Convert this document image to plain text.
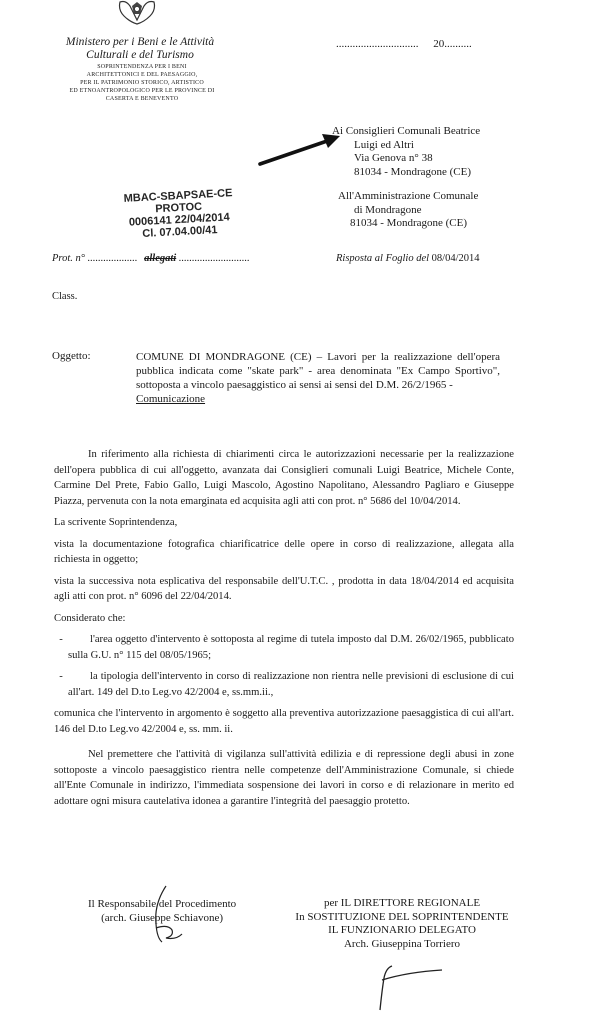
Ministero per i Beni e le Attività
Culturali e del Turismo
SOPRINTENDENZA PER I BENI
ARCHITETTONICI E DEL PAESAGGIO,
PER IL PATRIMONIO STORICO, ARTISTICO
ED ETNOANTROPOLOGICO PER LE PROVINCE DI
CASERTA E BENEVENTO
.............................. 20..........
Ai Consiglieri Comunali Beatrice
Luigi ed Altri
Via Genova n° 38
81034 - Mondragone (CE)
All'Amministrazione Comunale
di Mondragone
81034 - Mondragone (CE)
MBAC-SBAPSAE-CE
PROTOC
0006141 22/04/2014
Cl. 07.04.00/41
Prot. n° ................... allegati ...........................	Risposta al Foglio del 08/04/2014
Class.
Oggetto:	COMUNE DI MONDRAGONE (CE) – Lavori per la realizzazione dell'opera pubblica indicata come "skate park" - area denominata "Ex Campo Sportivo", sottoposta a vincolo paesaggistico ai sensi ai sensi del D.M. 26/2/1965 -
Comunicazione

In riferimento alla richiesta di chiarimenti circa le autorizzazioni necessarie per la realizzazione dell'opera pubblica di cui all'oggetto, avanzata dai Consiglieri comunali Luigi Beatrice, Michele Conte, Carmine Del Prete, Fabio Gallo, Luigi Mascolo, Agostino Napolitano, Alessandro Pagliaro e Giuseppe Piazza, pervenuta con la nota emarginata ed acquisita agli atti con prot. n° 5686 del 10/04/2014.

La scrivente Soprintendenza,

vista la documentazione fotografica chiarificatrice delle opere in corso di realizzazione, allegata alla richiesta in oggetto;

vista la successiva nota esplicativa del responsabile dell'U.T.C. , prodotta in data 18/04/2014 ed acquisita agli atti con prot. n° 6096 del 22/04/2014.

Considerato che:

-	l'area oggetto d'intervento è sottoposta al regime di tutela imposto dal D.M. 26/02/1965, pubblicato sulla G.U. n° 115 del 08/05/1965;
-	la tipologia dell'intervento in corso di realizzazione non rientra nelle previsioni di esclusione di cui all'art. 149 del D.to Leg.vo 42/2004 e, ss.mm.ii.,

comunica che l'intervento in argomento è soggetto alla preventiva autorizzazione paesaggistica di cui all'art. 146 del D.to Leg.vo 42/2004 e, ss. mm. ii.

Nel premettere che l'attività di vigilanza sull'attività edilizia e di repressione degli abusi in zone sottoposte a vincolo paesaggistico rientra nelle competenze dell'Amministrazione Comunale, si chiede all'Ente Comunale in indirizzo, l'immediata sospensione dei lavori in corso e di relazionare in merito ed adottare ogni misura cautelativa idonea a garantire l'integrità del paesaggio protetto.

Il Responsabile del Procedimento
(arch. Giuseppe Schiavone)
per IL DIRETTORE REGIONALE
In SOSTITUZIONE DEL SOPRINTENDENTE
IL FUNZIONARIO DELEGATO
Arch. Giuseppina Torriero
